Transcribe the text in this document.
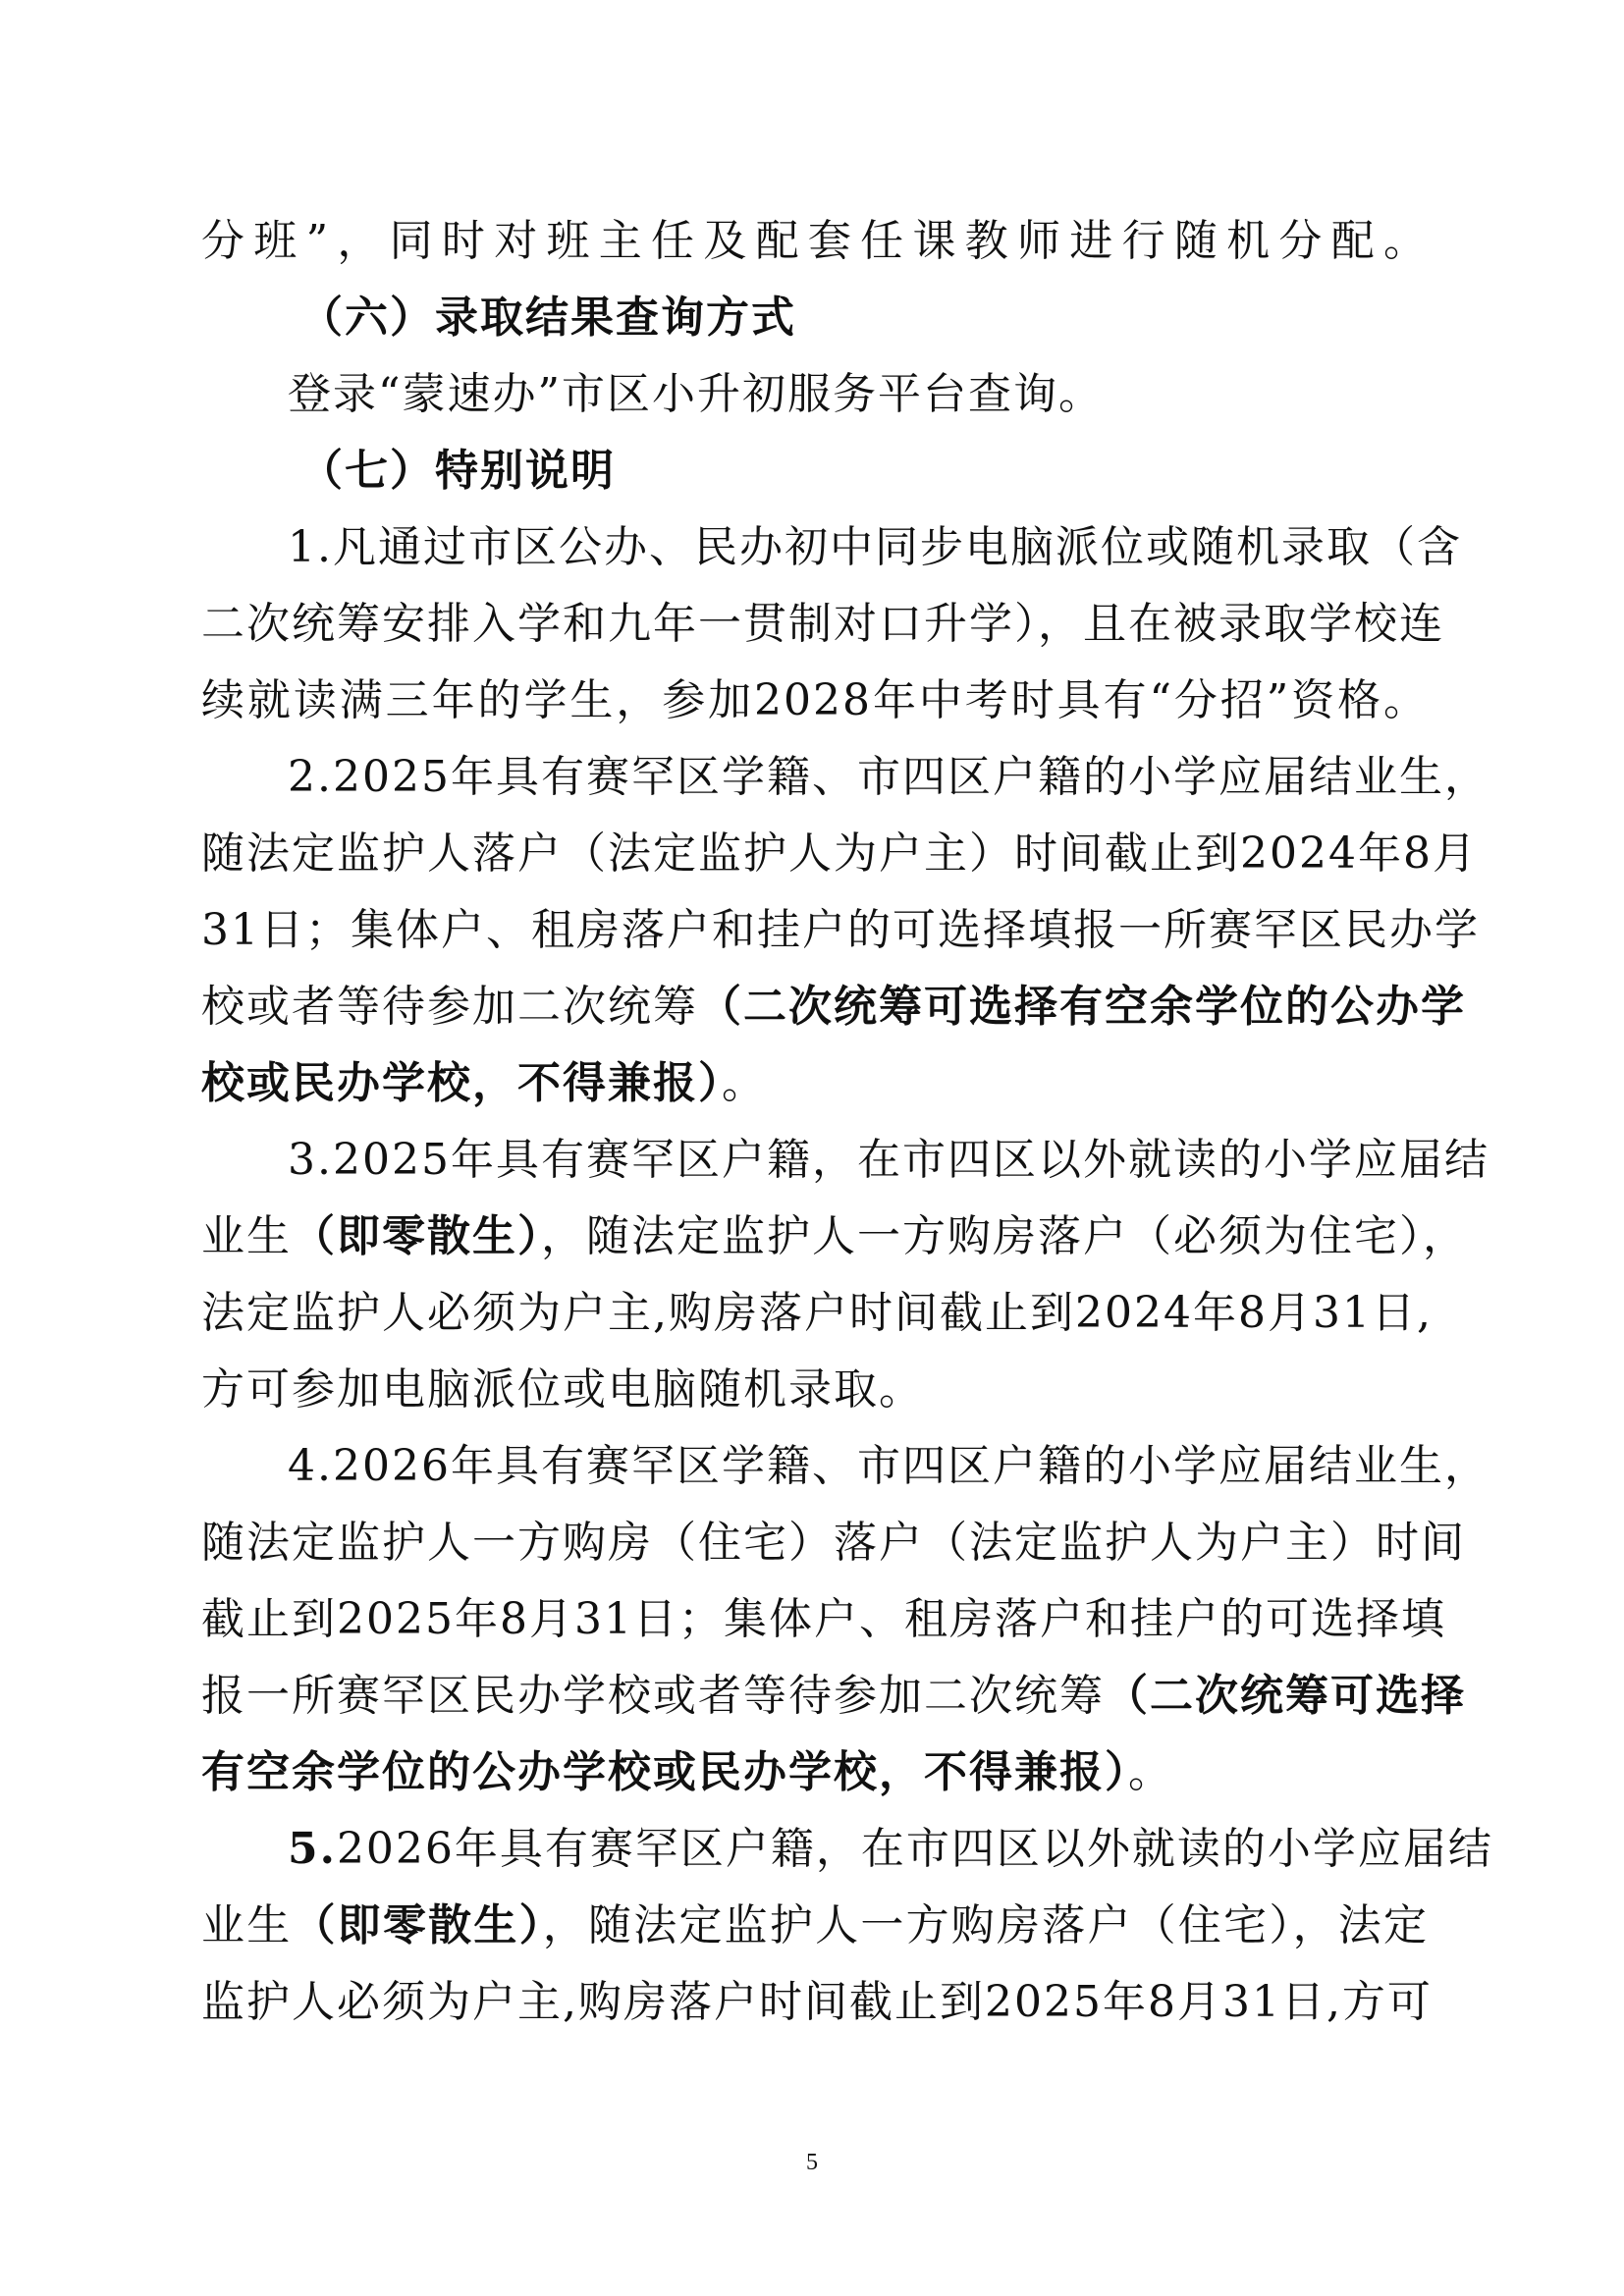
分班”，同时对班主任及配套任课教师进行随机分配。
（六）录取结果查询方式
登录“蒙速办”市区小升初服务平台查询。
（七）特别说明
1.凡通过市区公办、民办初中同步电脑派位或随机录取（含
二次统筹安排入学和九年一贯制对口升学），且在被录取学校连
续就读满三年的学生，参加2028年中考时具有“分招”资格。
2.2025年具有赛罕区学籍、市四区户籍的小学应届结业生，
随法定监护人落户（法定监护人为户主）时间截止到2024年8月
31日；集体户、租房落户和挂户的可选择填报一所赛罕区民办学
校或者等待参加二次统筹（二次统筹可选择有空余学位的公办学
校或民办学校，不得兼报）。
3.2025年具有赛罕区户籍，在市四区以外就读的小学应届结
业生（即零散生），随法定监护人一方购房落户（必须为住宅），
法定监护人必须为户主,购房落户时间截止到2024年8月31日,
方可参加电脑派位或电脑随机录取。
4.2026年具有赛罕区学籍、市四区户籍的小学应届结业生，
随法定监护人一方购房（住宅）落户（法定监护人为户主）时间
截止到2025年8月31日；集体户、租房落户和挂户的可选择填
报一所赛罕区民办学校或者等待参加二次统筹（二次统筹可选择
有空余学位的公办学校或民办学校，不得兼报）。
5.2026年具有赛罕区户籍，在市四区以外就读的小学应届结
业生（即零散生），随法定监护人一方购房落户（住宅），法定
监护人必须为户主,购房落户时间截止到2025年8月31日,方可
5
